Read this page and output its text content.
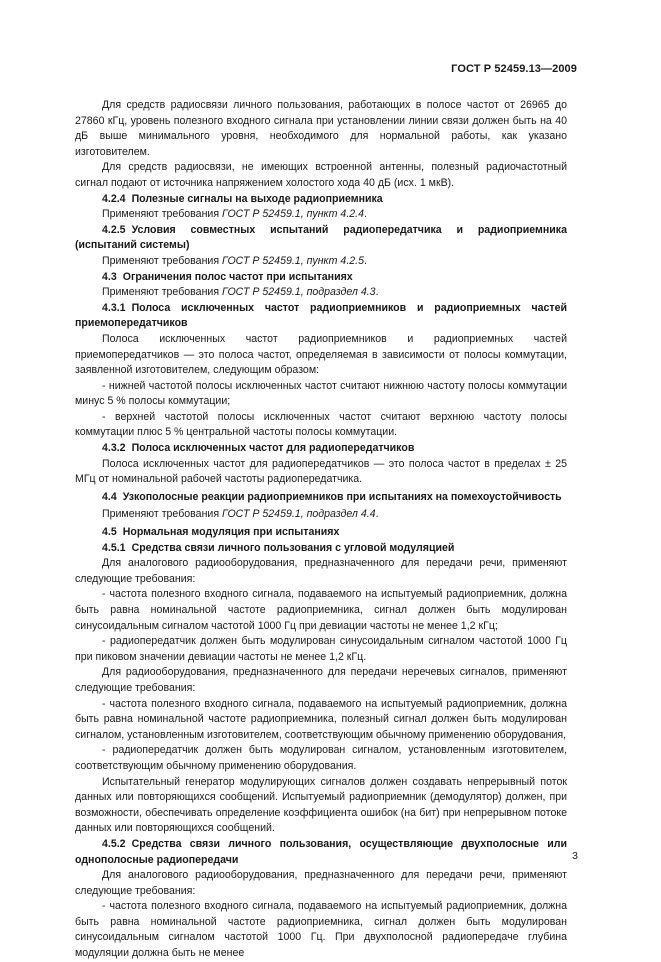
ГОСТ Р 52459.13—2009

Для средств радиосвязи личного пользования, работающих в полосе частот от 26965 до 27860 кГц, уровень полезного входного сигнала при установлении линии связи должен быть на 40 дБ выше минимального уровня, необходимого для нормальной работы, как указано изготовителем.

Для средств радиосвязи, не имеющих встроенной антенны, полезный радиочастотный сигнал подают от источника напряжением холостого хода 40 дБ (исх. 1 мкВ).

4.2.4 Полезные сигналы на выходе радиоприемника

Применяют требования ГОСТ Р 52459.1, пункт 4.2.4.

4.2.5 Условия совместных испытаний радиопередатчика и радиоприемника (испытаний системы)

Применяют требования ГОСТ Р 52459.1, пункт 4.2.5.

4.3 Ограничения полос частот при испытаниях

Применяют требования ГОСТ Р 52459.1, подраздел 4.3.

4.3.1 Полоса исключенных частот радиоприемников и радиоприемных частей приемопередатчиков

Полоса исключенных частот радиоприемников и радиоприемных частей приемопередатчиков — это полоса частот, определяемая в зависимости от полосы коммутации, заявленной изготовителем, следующим образом:

- нижней частотой полосы исключенных частот считают нижнюю частоту полосы коммутации минус 5 % полосы коммутации;

- верхней частотой полосы исключенных частот считают верхнюю частоту полосы коммутации плюс 5 % центральной частоты полосы коммутации.

4.3.2 Полоса исключенных частот для радиопередатчиков

Полоса исключенных частот для радиопередатчиков — это полоса частот в пределах ± 25 МГц от номинальной рабочей частоты радиопередатчика.

4.4 Узкополосные реакции радиоприемников при испытаниях на помехоустойчивость

Применяют требования ГОСТ Р 52459.1, подраздел 4.4.

4.5 Нормальная модуляция при испытаниях

4.5.1 Средства связи личного пользования с угловой модуляцией

Для аналогового радиооборудования, предназначенного для передачи речи, применяют следующие требования:

- частота полезного входного сигнала, подаваемого на испытуемый радиоприемник, должна быть равна номинальной частоте радиоприемника, сигнал должен быть модулирован синусоидальным сигналом частотой 1000 Гц при девиации частоты не менее 1,2 кГц;

- радиопередатчик должен быть модулирован синусоидальным сигналом частотой 1000 Гц при пиковом значении девиации частоты не менее 1,2 кГц.

Для радиооборудования, предназначенного для передачи неречевых сигналов, применяют следующие требования:

- частота полезного входного сигнала, подаваемого на испытуемый радиоприемник, должна быть равна номинальной частоте радиоприемника, полезный сигнал должен быть модулирован сигналом, установленным изготовителем, соответствующим обычному применению оборудования,

- радиопередатчик должен быть модулирован сигналом, установленным изготовителем, соответствующим обычному применению оборудования.

Испытательный генератор модулирующих сигналов должен создавать непрерывный поток данных или повторяющихся сообщений. Испытуемый радиоприемник (демодулятор) должен, при возможности, обеспечивать определение коэффициента ошибок (на бит) при непрерывном потоке данных или повторяющихся сообщений.

4.5.2 Средства связи личного пользования, осуществляющие двухполосные или однополосные радиопередачи

Для аналогового радиооборудования, предназначенного для передачи речи, применяют следующие требования:

- частота полезного входного сигнала, подаваемого на испытуемый радиоприемник, должна быть равна номинальной частоте радиоприемника, сигнал должен быть модулирован синусоидальным сигналом частотой 1000 Гц. При двухполосной радиопередаче глубина модуляции должна быть не менее

3
